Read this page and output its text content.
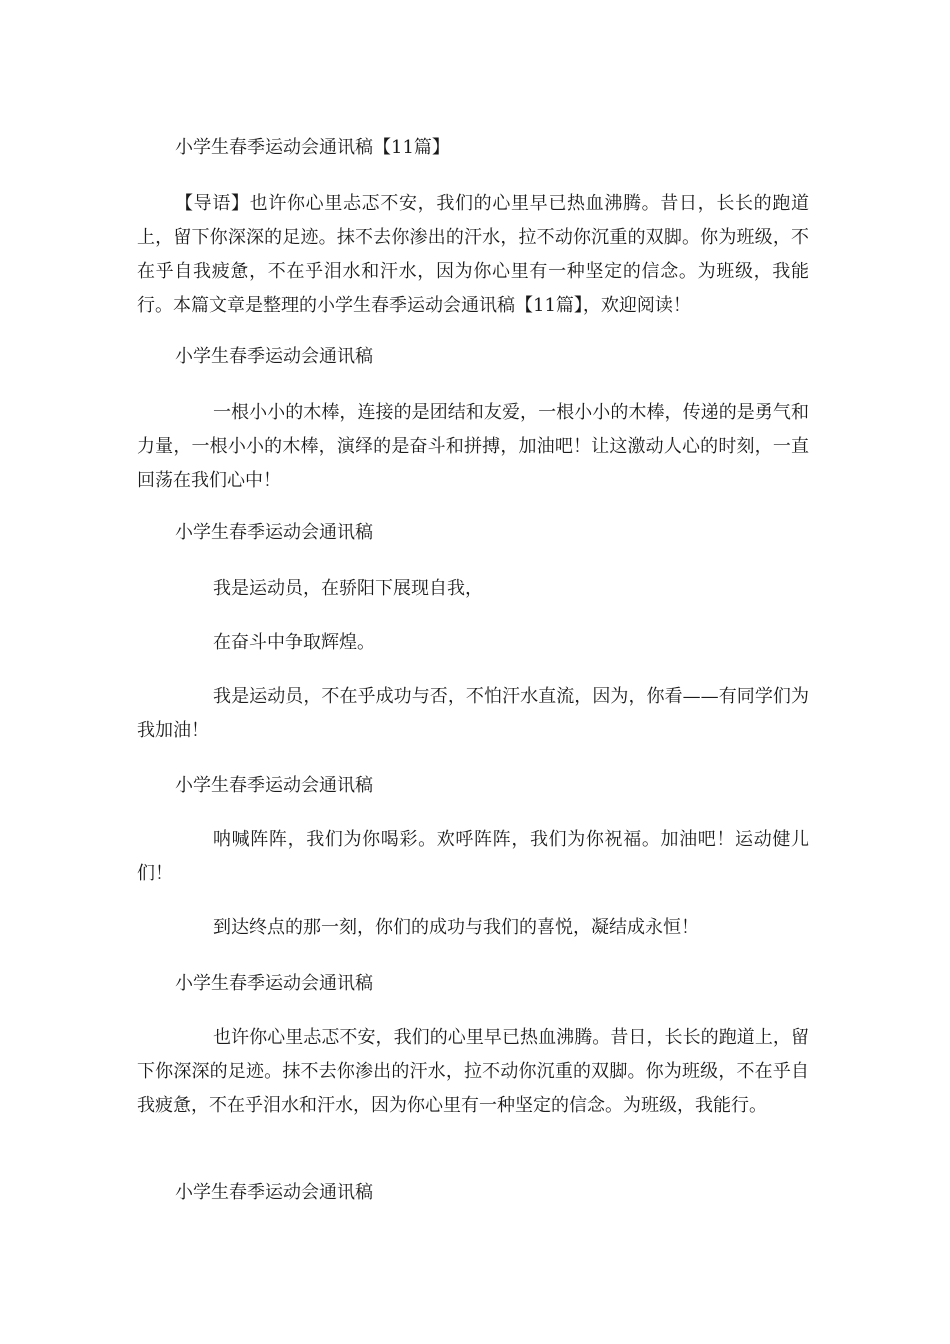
小学生春季运动会通讯稿【11篇】
【导语】也许你心里忐忑不安，我们的心里早已热血沸腾。昔日，长长的跑道上，留下你深深的足迹。抹不去你渗出的汗水，拉不动你沉重的双脚。你为班级，不在乎自我疲惫，不在乎泪水和汗水，因为你心里有一种坚定的信念。为班级，我能行。本篇文章是整理的小学生春季运动会通讯稿【11篇】，欢迎阅读！
小学生春季运动会通讯稿
一根小小的木棒，连接的是团结和友爱，一根小小的木棒，传递的是勇气和力量，一根小小的木棒，演绎的是奋斗和拼搏，加油吧！让这激动人心的时刻，一直回荡在我们心中！
小学生春季运动会通讯稿
我是运动员，在骄阳下展现自我，
在奋斗中争取辉煌。
我是运动员，不在乎成功与否，不怕汗水直流，因为，你看——有同学们为我加油！
小学生春季运动会通讯稿
呐喊阵阵，我们为你喝彩。欢呼阵阵，我们为你祝福。加油吧！运动健儿们！
到达终点的那一刻，你们的成功与我们的喜悦，凝结成永恒！
小学生春季运动会通讯稿
也许你心里忐忑不安，我们的心里早已热血沸腾。昔日，长长的跑道上，留下你深深的足迹。抹不去你渗出的汗水，拉不动你沉重的双脚。你为班级，不在乎自我疲惫，不在乎泪水和汗水，因为你心里有一种坚定的信念。为班级，我能行。
小学生春季运动会通讯稿
